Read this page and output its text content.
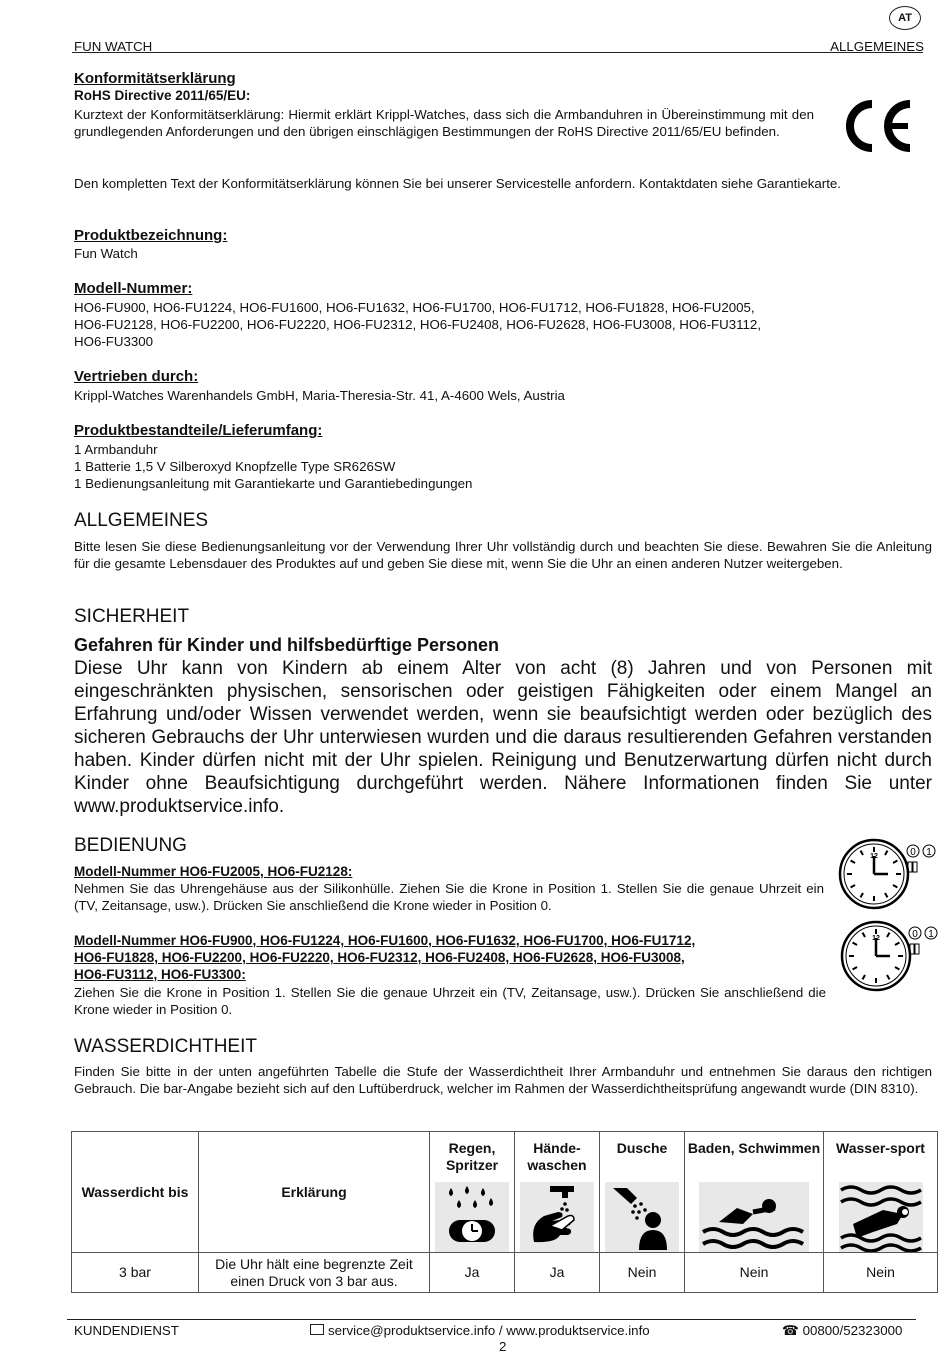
AT
FUN WATCH	ALLGEMEINES
Konformitätserklärung
RoHS Directive 2011/65/EU:
Kurztext der Konformitätserklärung: Hiermit erklärt Krippl-Watches, dass sich die Armbanduhren in Übereinstimmung mit den grundlegenden Anforderungen und den übrigen einschlägigen Bestimmungen der RoHS Directive 2011/65/EU befinden.
Den kompletten Text der Konformitätserklärung können Sie bei unserer Servicestelle anfordern. Kontaktdaten siehe Garantiekarte.
Produktbezeichnung:
Fun Watch
Modell-Nummer:
HO6-FU900, HO6-FU1224, HO6-FU1600, HO6-FU1632, HO6-FU1700, HO6-FU1712, HO6-FU1828, HO6-FU2005,
HO6-FU2128, HO6-FU2200, HO6-FU2220, HO6-FU2312, HO6-FU2408, HO6-FU2628, HO6-FU3008, HO6-FU3112,
HO6-FU3300
Vertrieben durch:
Krippl-Watches Warenhandels GmbH, Maria-Theresia-Str. 41, A-4600 Wels, Austria
Produktbestandteile/Lieferumfang:
1 Armbanduhr
1 Batterie 1,5 V Silberoxyd Knopfzelle Type SR626SW
1 Bedienungsanleitung mit Garantiekarte und Garantiebedingungen
ALLGEMEINES
Bitte lesen Sie diese Bedienungsanleitung vor der Verwendung Ihrer Uhr vollständig durch und beachten Sie diese. Bewahren Sie die Anleitung für die gesamte Lebensdauer des Produktes auf und geben Sie diese mit, wenn Sie die Uhr an einen anderen Nutzer weitergeben.
SICHERHEIT
Gefahren für Kinder und hilfsbedürftige Personen
Diese Uhr kann von Kindern ab einem Alter von acht (8) Jahren und von Personen mit eingeschränkten physischen, sensorischen oder geistigen Fähigkeiten oder einem Mangel an Erfahrung und/oder Wissen verwendet werden, wenn sie beaufsichtigt werden oder bezüglich des sicheren Gebrauchs der Uhr unterwiesen wurden und die daraus resultierenden Gefahren verstanden haben. Kinder dürfen nicht mit der Uhr spielen. Reinigung und Benutzerwartung dürfen nicht durch Kinder ohne Beaufsichtigung durchgeführt werden. Nähere Informationen finden Sie unter www.produktservice.info.
BEDIENUNG
Modell-Nummer HO6-FU2005, HO6-FU2128:
Nehmen Sie das Uhrengehäuse aus der Silikonhülle. Ziehen Sie die Krone in Position 1. Stellen Sie die genaue Uhrzeit ein (TV, Zeitansage, usw.). Drücken Sie anschließend die Krone wieder in Position 0.
Modell-Nummer HO6-FU900, HO6-FU1224, HO6-FU1600, HO6-FU1632, HO6-FU1700, HO6-FU1712,
HO6-FU1828, HO6-FU2200, HO6-FU2220, HO6-FU2312, HO6-FU2408, HO6-FU2628, HO6-FU3008,
HO6-FU3112, HO6-FU3300:
Ziehen Sie die Krone in Position 1. Stellen Sie die genaue Uhrzeit ein (TV, Zeitansage, usw.). Drücken Sie anschließend die Krone wieder in Position 0.
12	0 1
12	0 1
WASSERDICHTHEIT
Finden Sie bitte in der unten angeführten Tabelle die Stufe der Wasserdichtheit Ihrer Armbanduhr und entnehmen Sie daraus den richtigen Gebrauch. Die bar-Angabe bezieht sich auf den Luftüberdruck, welcher im Rahmen der Wasserdichtheitsprüfung angewandt wurde (DIN 8310).
Wasserdicht bis	Erklärung	Regen, Spritzer	Hände-waschen	Dusche	Baden, Schwimmen	Wasser-sport

3 bar	Die Uhr hält eine begrenzte Zeit einen Druck von 3 bar aus.	Ja	Ja	Nein	Nein	Nein
KUNDENDIENST	service@produktservice.info / www.produktservice.info	☎ 00800/52323000
2
